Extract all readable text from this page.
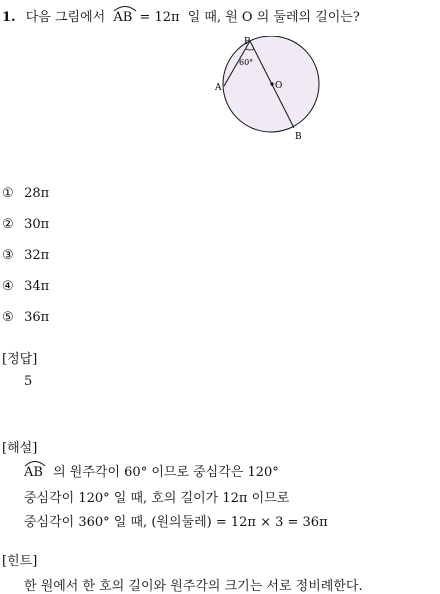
1. 다음 그림에서 AB = 12π 일 때, 원 O 의 둘레의 길이는?
P
60°
A	O
B
① 28π
② 30π
③ 32π
④ 34π
⑤ 36π
[정답]
5
[해설]
AB 의 원주각이 60° 이므로 중심각은 120°
중심각이 120° 일 때, 호의 길이가 12π 이므로
중심각이 360° 일 때, (원의둘레) = 12π × 3 = 36π
[힌트]
한 원에서 한 호의 길이와 원주각의 크기는 서로 정비례한다.
